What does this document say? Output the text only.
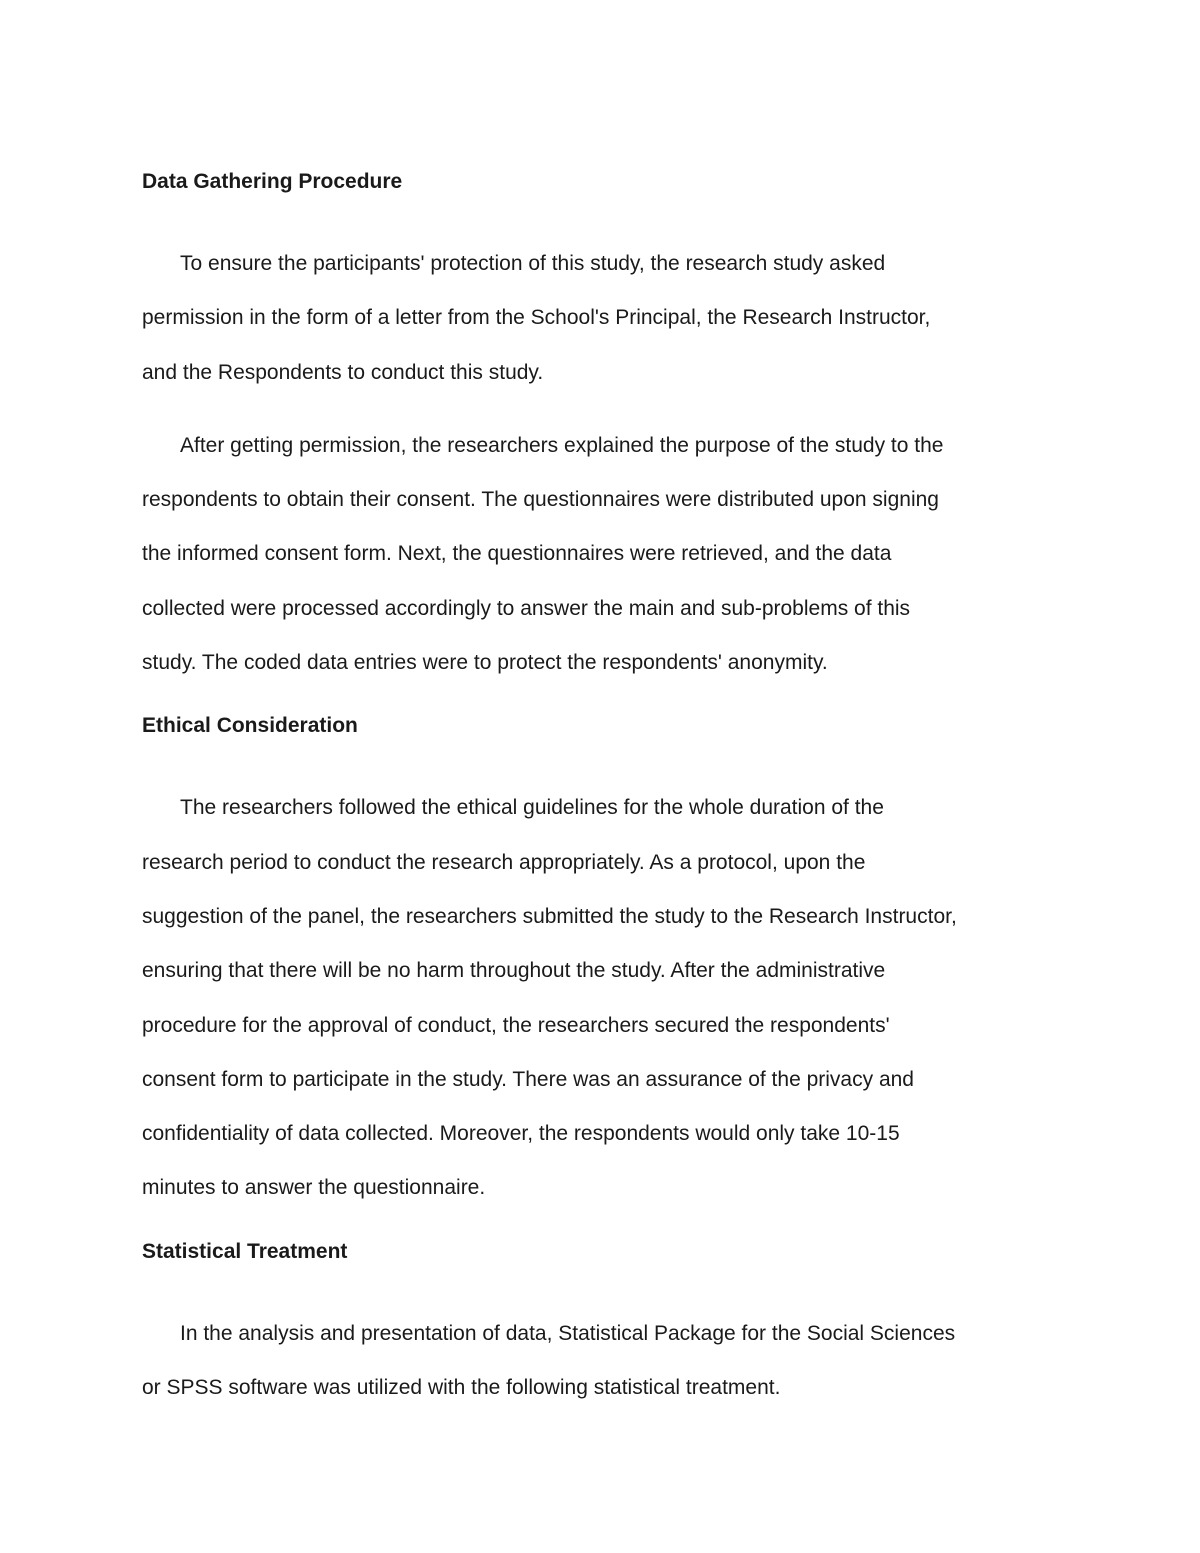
Data Gathering Procedure

To ensure the participants' protection of this study, the research study asked
permission in the form of a letter from the School's Principal, the Research Instructor,
and the Respondents to conduct this study.

After getting permission, the researchers explained the purpose of the study to the
respondents to obtain their consent. The questionnaires were distributed upon signing
the informed consent form. Next, the questionnaires were retrieved, and the data
collected were processed accordingly to answer the main and sub-problems of this
study. The coded data entries were to protect the respondents' anonymity.

Ethical Consideration

The researchers followed the ethical guidelines for the whole duration of the
research period to conduct the research appropriately. As a protocol, upon the
suggestion of the panel, the researchers submitted the study to the Research Instructor,
ensuring that there will be no harm throughout the study. After the administrative
procedure for the approval of conduct, the researchers secured the respondents'
consent form to participate in the study. There was an assurance of the privacy and
confidentiality of data collected. Moreover, the respondents would only take 10-15
minutes to answer the questionnaire.

Statistical Treatment

In the analysis and presentation of data, Statistical Package for the Social Sciences
or SPSS software was utilized with the following statistical treatment.
